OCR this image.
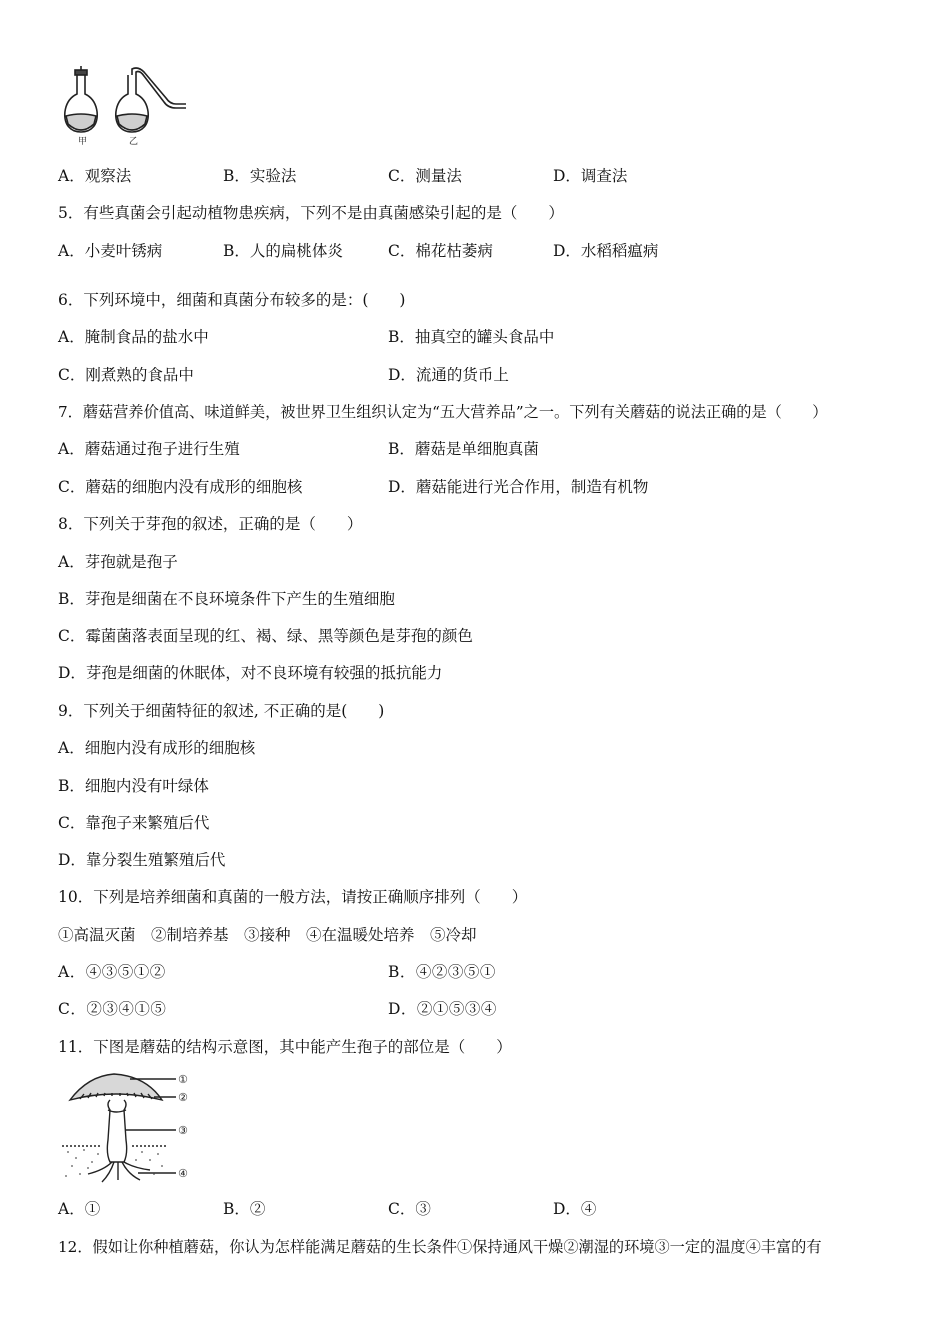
甲	乙
A．观察法	B．实验法	C．测量法	D．调查法
5．有些真菌会引起动植物患疾病，下列不是由真菌感染引起的是（　　）
A．小麦叶锈病	B．人的扁桃体炎	C．棉花枯萎病	D．水稻稻瘟病
6．下列环境中，细菌和真菌分布较多的是：(　　)
A．腌制食品的盐水中	B．抽真空的罐头食品中
C．刚煮熟的食品中	D．流通的货币上
7．蘑菇营养价值高、味道鲜美，被世界卫生组织认定为“五大营养品”之一。下列有关蘑菇的说法正确的是（　　）
A．蘑菇通过孢子进行生殖	B．蘑菇是单细胞真菌
C．蘑菇的细胞内没有成形的细胞核	D．蘑菇能进行光合作用，制造有机物
8．下列关于芽孢的叙述，正确的是（　　）
A．芽孢就是孢子
B．芽孢是细菌在不良环境条件下产生的生殖细胞
C．霉菌菌落表面呈现的红、褐、绿、黑等颜色是芽孢的颜色
D．芽孢是细菌的休眠体，对不良环境有较强的抵抗能力
9．下列关于细菌特征的叙述, 不正确的是(　　)
A．细胞内没有成形的细胞核
B．细胞内没有叶绿体
C．靠孢子来繁殖后代
D．靠分裂生殖繁殖后代
10．下列是培养细菌和真菌的一般方法，请按正确顺序排列（　　）
①高温灭菌　②制培养基　③接种　④在温暖处培养　⑤冷却
A．④③⑤①②	B．④②③⑤①
C．②③④①⑤	D．②①⑤③④
11．下图是蘑菇的结构示意图，其中能产生孢子的部位是（　　）
①
②
③
④
A．①	B．②	C．③	D．④
12．假如让你种植蘑菇，你认为怎样能满足蘑菇的生长条件①保持通风干燥②潮湿的环境③一定的温度④丰富的有
